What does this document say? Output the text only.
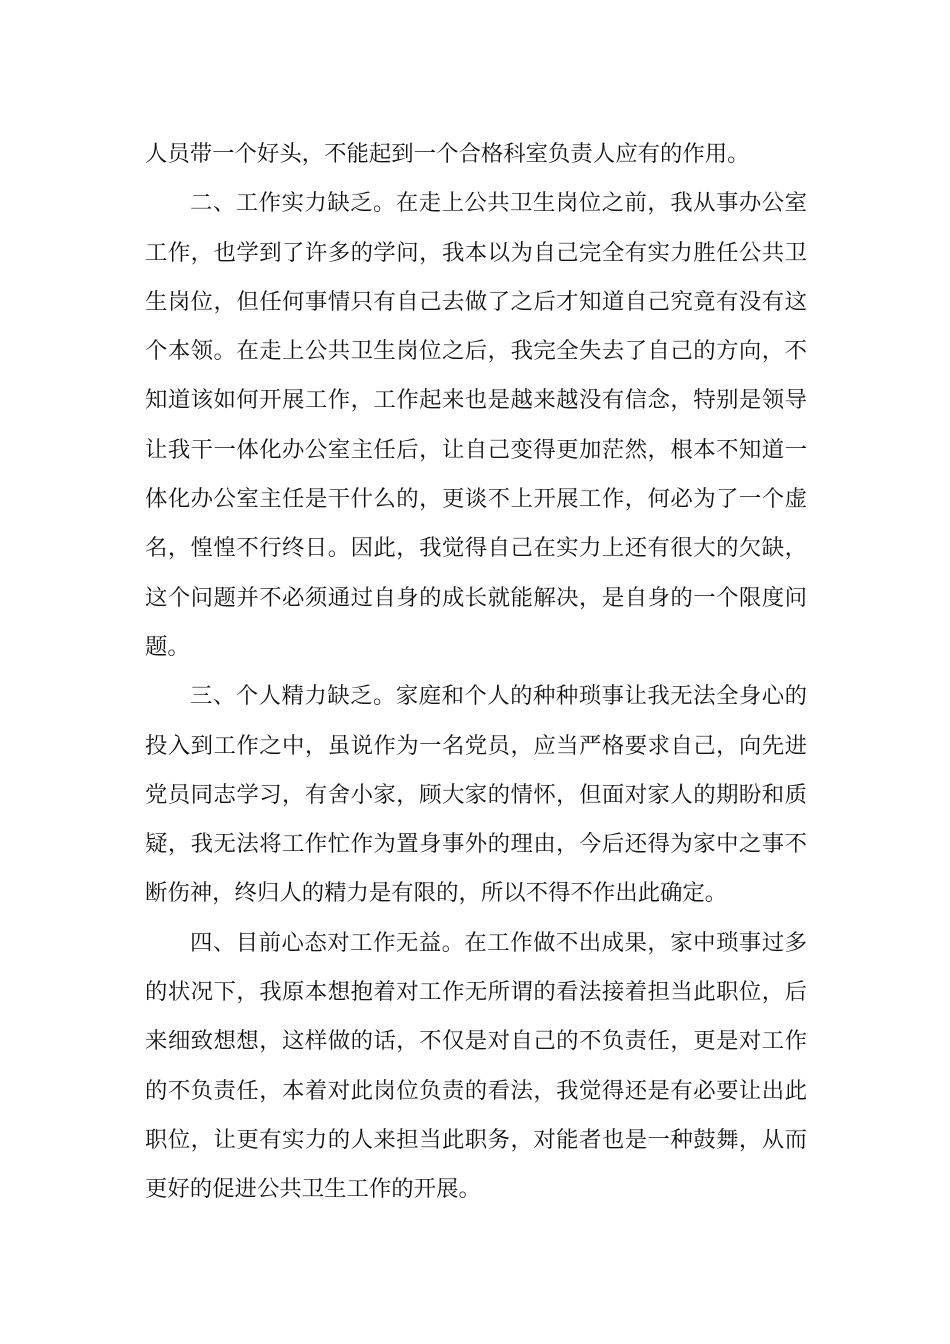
人员带一个好头，不能起到一个合格科室负责人应有的作用。
二、工作实力缺乏。在走上公共卫生岗位之前，我从事办公室
工作，也学到了许多的学问，我本以为自己完全有实力胜任公共卫
生岗位，但任何事情只有自己去做了之后才知道自己究竟有没有这
个本领。在走上公共卫生岗位之后，我完全失去了自己的方向，不
知道该如何开展工作，工作起来也是越来越没有信念，特别是领导
让我干一体化办公室主任后，让自己变得更加茫然，根本不知道一
体化办公室主任是干什么的，更谈不上开展工作，何必为了一个虚
名，惶惶不行终日。因此，我觉得自己在实力上还有很大的欠缺，
这个问题并不必须通过自身的成长就能解决，是自身的一个限度问
题。
三、个人精力缺乏。家庭和个人的种种琐事让我无法全身心的
投入到工作之中，虽说作为一名党员，应当严格要求自己，向先进
党员同志学习，有舍小家，顾大家的情怀，但面对家人的期盼和质
疑，我无法将工作忙作为置身事外的理由，今后还得为家中之事不
断伤神，终归人的精力是有限的，所以不得不作出此确定。
四、目前心态对工作无益。在工作做不出成果，家中琐事过多
的状况下，我原本想抱着对工作无所谓的看法接着担当此职位，后
来细致想想，这样做的话，不仅是对自己的不负责任，更是对工作
的不负责任，本着对此岗位负责的看法，我觉得还是有必要让出此
职位，让更有实力的人来担当此职务，对能者也是一种鼓舞，从而
更好的促进公共卫生工作的开展。
